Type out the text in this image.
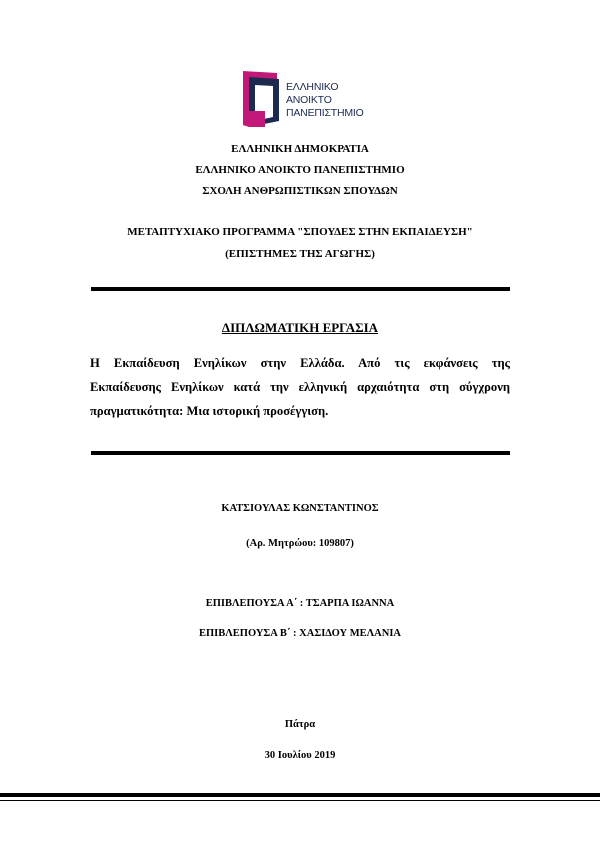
ΕΛΛΗΝΙΚΟ
ΑΝΟΙΚΤΟ
ΠΑΝΕΠΙΣΤΗΜΙΟ
ΕΛΛΗΝΙΚΗ ΔΗΜΟΚΡΑΤΙΑ
ΕΛΛΗΝΙΚΟ ΑΝΟΙΚΤΟ ΠΑΝΕΠΙΣΤΗΜΙΟ
ΣΧΟΛΗ ΑΝΘΡΩΠΙΣΤΙΚΩΝ ΣΠΟΥΔΩΝ
ΜΕΤΑΠΤΥΧΙΑΚΟ ΠΡΟΓΡΑΜΜΑ "ΣΠΟΥΔΕΣ ΣΤΗΝ ΕΚΠΑΙΔΕΥΣΗ"
(ΕΠΙΣΤΗΜΕΣ ΤΗΣ ΑΓΩΓΗΣ)
ΔΙΠΛΩΜΑΤΙΚΗ ΕΡΓΑΣΙΑ
Η Εκπαίδευση Ενηλίκων στην Ελλάδα. Από τις εκφάνσεις της
Εκπαίδευσης Ενηλίκων κατά την ελληνική αρχαιότητα στη σύγχρονη
πραγματικότητα: Μια ιστορική προσέγγιση.
ΚΑΤΣΙΟΥΛΑΣ ΚΩΝΣΤΑΝΤΙΝΟΣ
(Αρ. Μητρώου: 109807)
ΕΠΙΒΛΕΠΟΥΣΑ Α΄ : ΤΣΑΡΠΑ ΙΩΑΝΝΑ
ΕΠΙΒΛΕΠΟΥΣΑ Β΄ : ΧΑΣΙΔΟΥ ΜΕΛΑΝΙΑ
Πάτρα
30 Ιουλίου 2019
